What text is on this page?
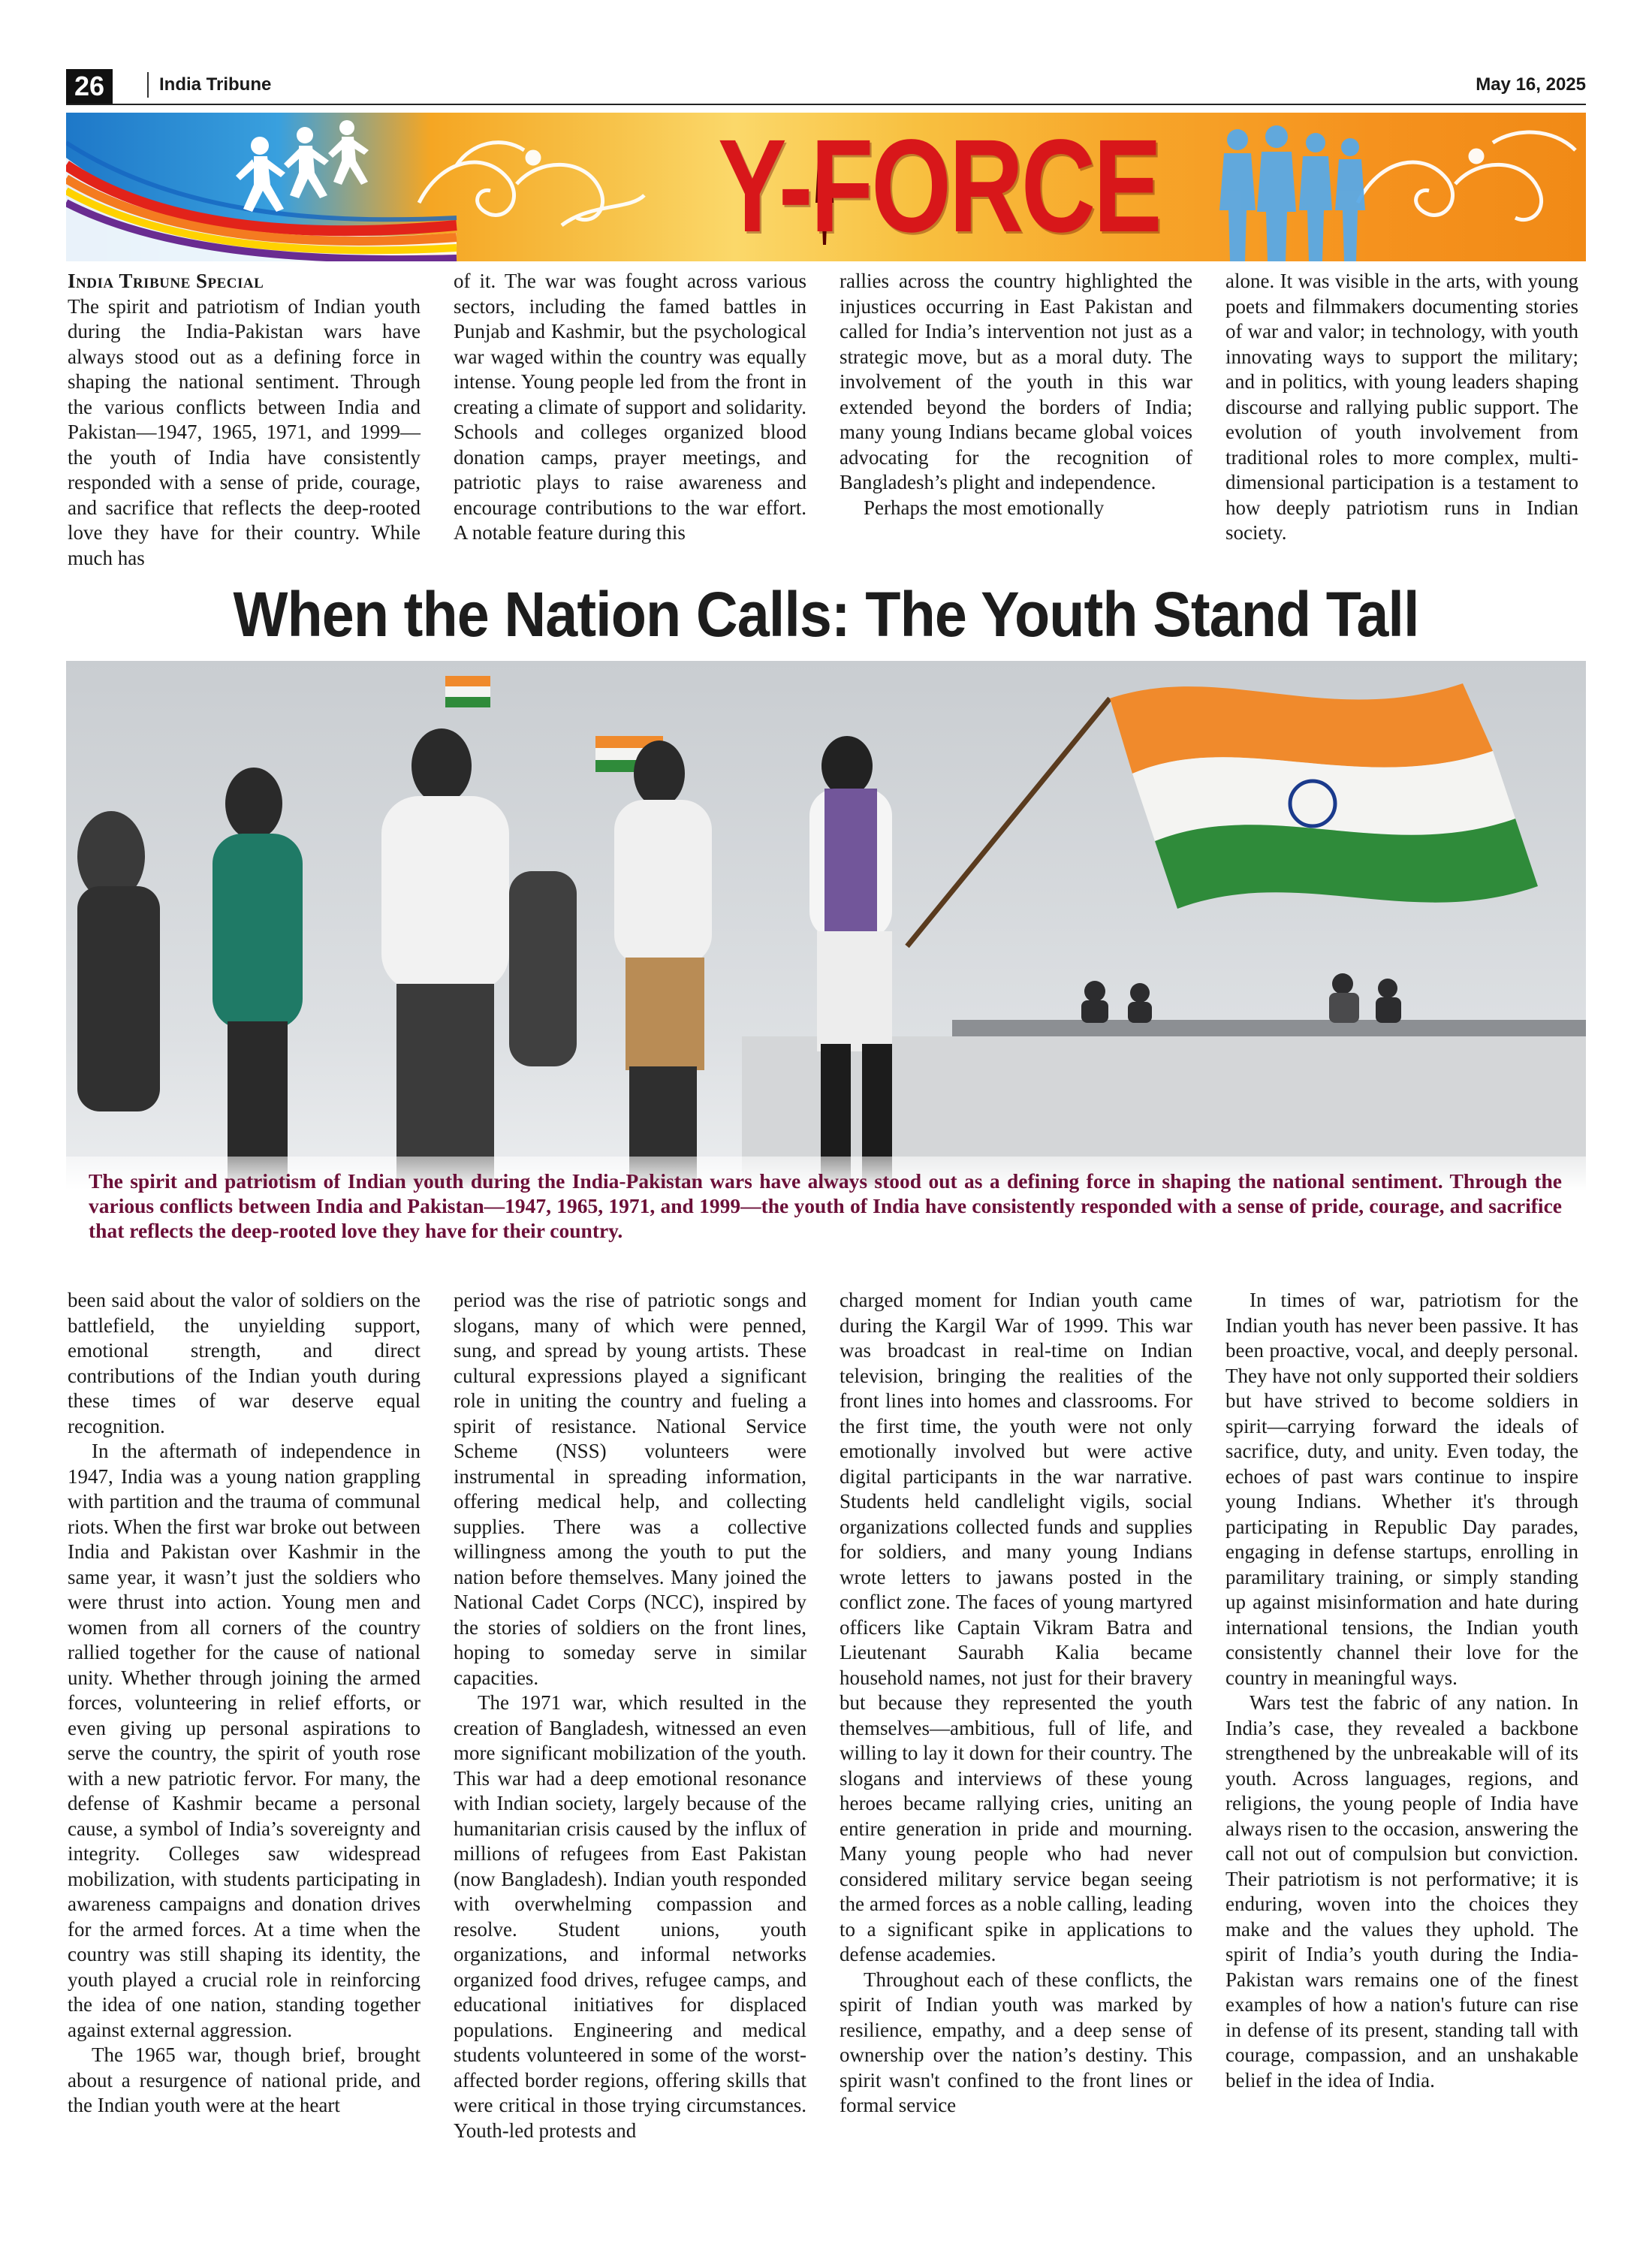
26	India Tribune	May 16, 2025
Y-FORCE

India Tribune Special

The spirit and patriotism of Indian youth during the India-Pakistan wars have always stood out as a defining force in shaping the national sentiment. Through the various conflicts between India and Pakistan—1947, 1965, 1971, and 1999—the youth of India have consistently responded with a sense of pride, courage, and sacrifice that reflects the deep-rooted love they have for their country. While much has

of it. The war was fought across various sectors, including the famed battles in Punjab and Kashmir, but the psychological war waged within the country was equally intense. Young people led from the front in creating a climate of support and solidarity. Schools and colleges organized blood donation camps, prayer meetings, and patriotic plays to raise awareness and encourage contributions to the war effort. A notable feature during this

rallies across the country highlighted the injustices occurring in East Pakistan and called for India’s intervention not just as a strategic move, but as a moral duty. The involvement of the youth in this war extended beyond the borders of India; many young Indians became global voices advocating for the recognition of Bangladesh’s plight and independence.

Perhaps the most emotionally

alone. It was visible in the arts, with young poets and filmmakers documenting stories of war and valor; in technology, with youth innovating ways to support the military; and in politics, with young leaders shaping discourse and rallying public support. The evolution of youth involvement from traditional roles to more complex, multi-dimensional participation is a testament to how deeply patriotism runs in Indian society.

When the Nation Calls: The Youth Stand Tall
The spirit and patriotism of Indian youth during the India-Pakistan wars have always stood out as a defining force in shaping the national sentiment. Through the various conflicts between India and Pakistan—1947, 1965, 1971, and 1999—the youth of India have consistently responded with a sense of pride, courage, and sacrifice that reflects the deep-rooted love they have for their country.

been said about the valor of soldiers on the battlefield, the unyielding support, emotional strength, and direct contributions of the Indian youth during these times of war deserve equal recognition.

In the aftermath of independence in 1947, India was a young nation grappling with partition and the trauma of communal riots. When the first war broke out between India and Pakistan over Kashmir in the same year, it wasn’t just the soldiers who were thrust into action. Young men and women from all corners of the country rallied together for the cause of national unity. Whether through joining the armed forces, volunteering in relief efforts, or even giving up personal aspirations to serve the country, the spirit of youth rose with a new patriotic fervor. For many, the defense of Kashmir became a personal cause, a symbol of India’s sovereignty and integrity. Colleges saw widespread mobilization, with students participating in awareness campaigns and donation drives for the armed forces. At a time when the country was still shaping its identity, the youth played a crucial role in reinforcing the idea of one nation, standing together against external aggression.

The 1965 war, though brief, brought about a resurgence of national pride, and the Indian youth were at the heart

period was the rise of patriotic songs and slogans, many of which were penned, sung, and spread by young artists. These cultural expressions played a significant role in uniting the country and fueling a spirit of resistance. National Service Scheme (NSS) volunteers were instrumental in spreading information, offering medical help, and collecting supplies. There was a collective willingness among the youth to put the nation before themselves. Many joined the National Cadet Corps (NCC), inspired by the stories of soldiers on the front lines, hoping to someday serve in similar capacities.

The 1971 war, which resulted in the creation of Bangladesh, witnessed an even more significant mobilization of the youth. This war had a deep emotional resonance with Indian society, largely because of the humanitarian crisis caused by the influx of millions of refugees from East Pakistan (now Bangladesh). Indian youth responded with overwhelming compassion and resolve. Student unions, youth organizations, and informal networks organized food drives, refugee camps, and educational initiatives for displaced populations. Engineering and medical students volunteered in some of the worst-affected border regions, offering skills that were critical in those trying circumstances. Youth-led protests and

charged moment for Indian youth came during the Kargil War of 1999. This war was broadcast in real-time on Indian television, bringing the realities of the front lines into homes and classrooms. For the first time, the youth were not only emotionally involved but were active digital participants in the war narrative. Students held candlelight vigils, social organizations collected funds and supplies for soldiers, and many young Indians wrote letters to jawans posted in the conflict zone. The faces of young martyred officers like Captain Vikram Batra and Lieutenant Saurabh Kalia became household names, not just for their bravery but because they represented the youth themselves—ambitious, full of life, and willing to lay it down for their country. The slogans and interviews of these young heroes became rallying cries, uniting an entire generation in pride and mourning. Many young people who had never considered military service began seeing the armed forces as a noble calling, leading to a significant spike in applications to defense academies.

Throughout each of these conflicts, the spirit of Indian youth was marked by resilience, empathy, and a deep sense of ownership over the nation’s destiny. This spirit wasn't confined to the front lines or formal service

In times of war, patriotism for the Indian youth has never been passive. It has been proactive, vocal, and deeply personal. They have not only supported their soldiers but have strived to become soldiers in spirit—carrying forward the ideals of sacrifice, duty, and unity. Even today, the echoes of past wars continue to inspire young Indians. Whether it's through participating in Republic Day parades, engaging in defense startups, enrolling in paramilitary training, or simply standing up against misinformation and hate during international tensions, the Indian youth consistently channel their love for the country in meaningful ways.

Wars test the fabric of any nation. In India’s case, they revealed a backbone strengthened by the unbreakable will of its youth. Across languages, regions, and religions, the young people of India have always risen to the occasion, answering the call not out of compulsion but conviction. Their patriotism is not performative; it is enduring, woven into the choices they make and the values they uphold. The spirit of India’s youth during the India-Pakistan wars remains one of the finest examples of how a nation's future can rise in defense of its present, standing tall with courage, compassion, and an unshakable belief in the idea of India.
